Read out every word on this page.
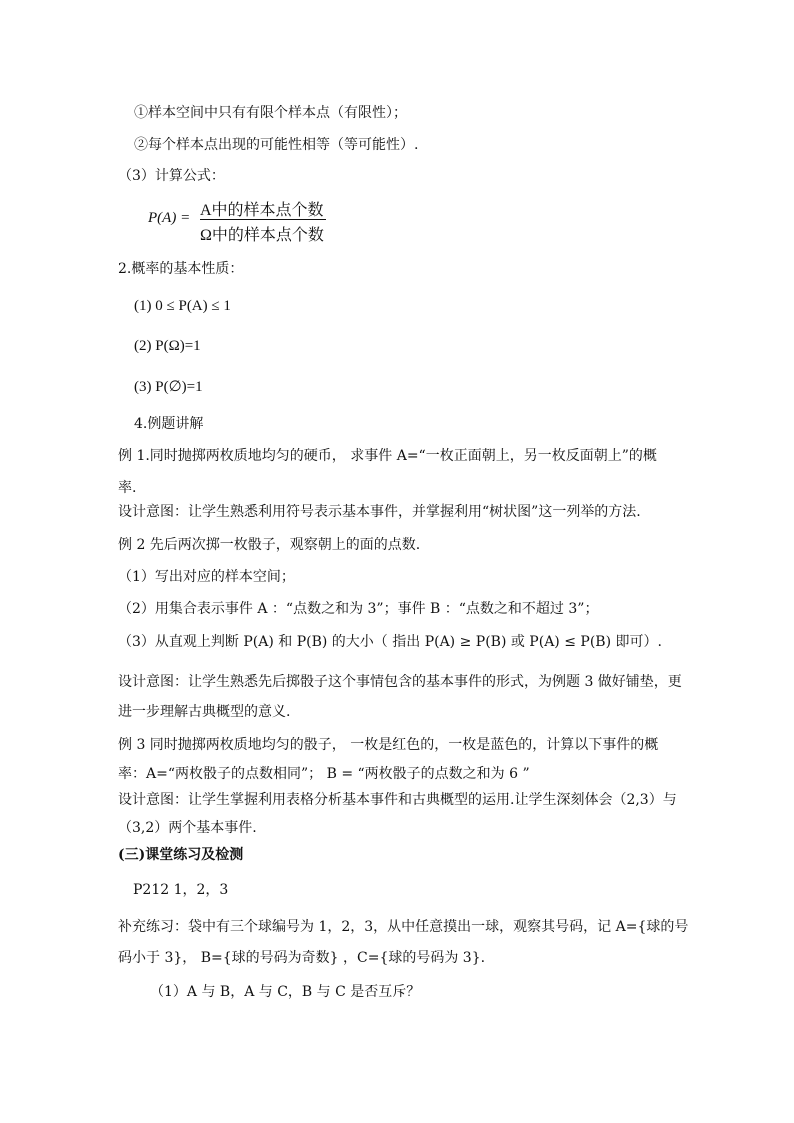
①样本空间中只有有限个样本点（有限性）；
②每个样本点出现的可能性相等（等可能性）.
（3）计算公式：
P(A) = A中的样本点个数
Ω中的样本点个数
2.概率的基本性质：
(1) 0 ≤ P(A) ≤ 1
(2) P(Ω)=1
(3) P(∅)=1
4.例题讲解
例 1.同时抛掷两枚质地均匀的硬币， 求事件 A=“一枚正面朝上，另一枚反面朝上”的概
率.
设计意图：让学生熟悉利用符号表示基本事件，并掌握利用“树状图”这一列举的方法.
例 2 先后两次掷一枚骰子，观察朝上的面的点数.
（1）写出对应的样本空间；
（2）用集合表示事件 A ：“点数之和为 3”；事件 B ：“点数之和不超过 3”；
（3）从直观上判断 P(A) 和 P(B) 的大小（ 指出 P(A) ≥ P(B) 或 P(A) ≤ P(B) 即可）.
设计意图：让学生熟悉先后掷骰子这个事情包含的基本事件的形式，为例题 3 做好铺垫，更
进一步理解古典概型的意义.
例 3 同时抛掷两枚质地均匀的骰子， 一枚是红色的，一枚是蓝色的，计算以下事件的概
率：A=“两枚骰子的点数相同”； B = “两枚骰子的点数之和为 6 ”
设计意图：让学生掌握利用表格分析基本事件和古典概型的运用.让学生深刻体会（2,3）与
（3,2）两个基本事件.
(三)课堂练习及检测
P212 1，2，3
补充练习：袋中有三个球编号为 1，2，3，从中任意摸出一球，观察其号码，记 A={球的号
码小于 3}， B={球的号码为奇数} ，C={球的号码为 3}.
（1）A 与 B，A 与 C，B 与 C 是否互斥？
